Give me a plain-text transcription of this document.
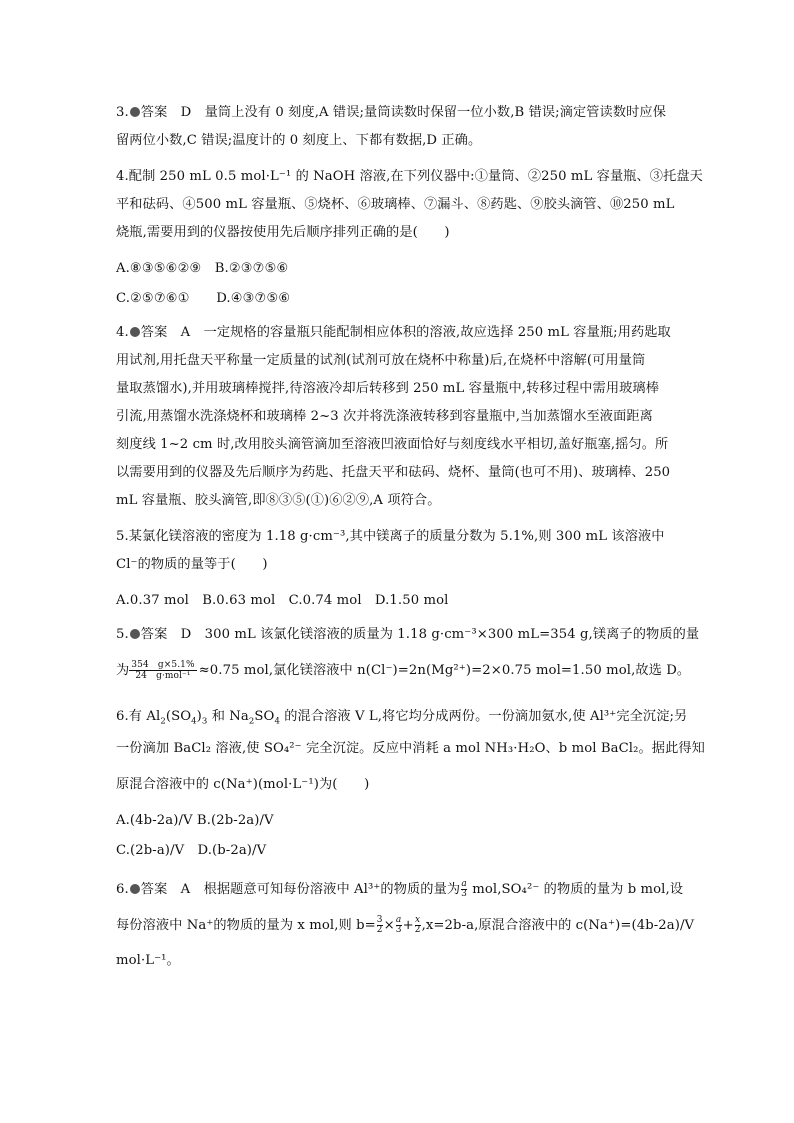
3. 答案　D　量筒上没有 0 刻度,A 错误;量筒读数时保留一位小数,B 错误;滴定管读数时应保
留两位小数,C 错误;温度计的 0 刻度上、下都有数据,D 正确。
4.配制 250 mL 0.5 mol·L⁻¹ 的 NaOH 溶液,在下列仪器中:①量筒、②250 mL 容量瓶、③托盘天
平和砝码、④500 mL 容量瓶、⑤烧杯、⑥玻璃棒、⑦漏斗、⑧药匙、⑨胶头滴管、⑩250 mL
烧瓶,需要用到的仪器按使用先后顺序排列正确的是(　　)
A.⑧③⑤⑥②⑨　B.②③⑦⑤⑥
C.②⑤⑦⑥①　　D.④③⑦⑤⑥
4. 答案　A　一定规格的容量瓶只能配制相应体积的溶液,故应选择 250 mL 容量瓶;用药匙取
用试剂,用托盘天平称量一定质量的试剂(试剂可放在烧杯中称量)后,在烧杯中溶解(可用量筒
量取蒸馏水),并用玻璃棒搅拌,待溶液冷却后转移到 250 mL 容量瓶中,转移过程中需用玻璃棒
引流,用蒸馏水洗涤烧杯和玻璃棒 2~3 次并将洗涤液转移到容量瓶中,当加蒸馏水至液面距离
刻度线 1~2 cm 时,改用胶头滴管滴加至溶液凹液面恰好与刻度线水平相切,盖好瓶塞,摇匀。所
以需要用到的仪器及先后顺序为药匙、托盘天平和砝码、烧杯、量筒(也可不用)、玻璃棒、250
mL 容量瓶、胶头滴管,即⑧③⑤(①)⑥②⑨,A 项符合。
5.某氯化镁溶液的密度为 1.18 g·cm⁻³,其中镁离子的质量分数为 5.1%,则 300 mL 该溶液中
Cl⁻的物质的量等于(　　)
A.0.37 mol　B.0.63 mol　C.0.74 mol　D.1.50 mol
5. 答案　D　300 mL 该氯化镁溶液的质量为 1.18 g·cm⁻³×300 mL=354 g,镁离子的物质的量
为 $\frac{354 g\times 5.1\%}{\text{24　g·mol⁻¹}} \approx 0.75$ mol,氯化镁溶液中 n(Cl⁻)=2n(Mg²⁺)=2×0.75 mol=1.50 mol,故选 D。
6.有 $Al_2(SO_4)_3$ 和 $Na_2SO_4$ 的混合溶液 V L,将它均分成两份。一份滴加氨水,使 Al³⁺完全沉淀;另
一份滴加 BaCl₂ 溶液,使 SO₄²⁻ 完全沉淀。反应中消耗 a mol NH₃·H₂O、b mol BaCl₂。据此得知
原混合溶液中的 c(Na⁺)(mol·L⁻¹)为(　　)
A.(4b-2a)/V B.(2b-2a)/V
C.(2b-a)/V　D.(b-2a)/V
6. 答案　A　根据题意可知每份溶液中 Al³⁺的物质的量为 $\frac{a}{3} mol,SO_4^{2-}$ 的物质的量为 b mol,设
每份溶液中 Na⁺的物质的量为 x mol,则 $b= \frac{3}{2} \times \frac{a}{3} + \frac{x}{2} ,x=2b-a$,原混合溶液中的 c(Na⁺)=(4b-2a)/V
mol·L⁻¹。
